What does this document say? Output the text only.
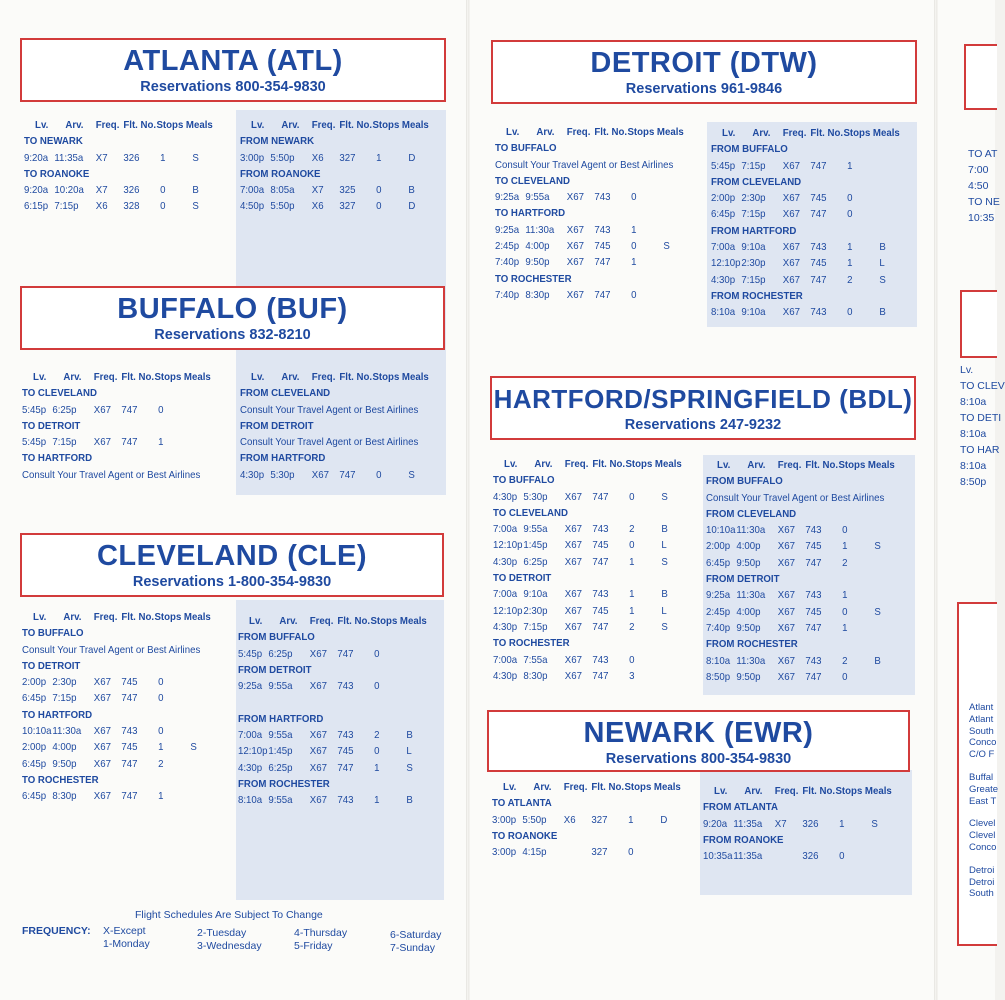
ATLANTA (ATL)
Reservations 800-354-9830
BUFFALO (BUF)
Reservations 832-8210
CLEVELAND (CLE)
Reservations 1-800-354-9830
DETROIT (DTW)
Reservations 961-9846
HARTFORD/SPRINGFIELD (BDL)
Reservations 247-9232
NEWARK (EWR)
Reservations 800-354-9830
Lv. Arv. Freq. Flt. No. Stops Meals
TO NEWARK
9:20a 11:35a X7 326 1	S
TO ROANOKE
9:20a 10:20a X7 326 0	B
6:15p 7:15p X6 328 0	S
Lv. Arv. Freq. Flt. No. Stops Meals
FROM NEWARK
3:00p 5:50p X6 327 1	D
FROM ROANOKE
7:00a 8:05a X7 325 0	B
4:50p 5:50p X6 327 0	D
Lv. Arv. Freq. Flt. No. Stops Meals
TO CLEVELAND
5:45p 6:25p X67 747 0
TO DETROIT
5:45p 7:15p X67 747 1
TO HARTFORD
Consult Your Travel Agent or Best Airlines
Lv. Arv. Freq. Flt. No. Stops Meals
FROM CLEVELAND
Consult Your Travel Agent or Best Airlines
FROM DETROIT
Consult Your Travel Agent or Best Airlines
FROM HARTFORD
4:30p 5:30p X67 747 0	S
Lv. Arv. Freq. Flt. No. Stops Meals
TO BUFFALO
Consult Your Travel Agent or Best Airlines
TO DETROIT
2:00p 2:30p X67 745 0
6:45p 7:15p X67 747 0
TO HARTFORD
10:10a 11:30a X67 743 0
2:00p 4:00p X67 745 1	S
6:45p 9:50p X67 747 2
TO ROCHESTER
6:45p 8:30p X67 747 1
Lv. Arv. Freq. Flt. No. Stops Meals
FROM BUFFALO
5:45p 6:25p X67 747 0
FROM DETROIT
9:25a 9:55a X67 743 0
FROM HARTFORD
7:00a 9:55a X67 743 2	B
12:10p 1:45p X67 745 0	L
4:30p 6:25p X67 747 1	S
FROM ROCHESTER
8:10a 9:55a X67 743 1	B
Lv. Arv. Freq. Flt. No. Stops Meals
TO BUFFALO
Consult Your Travel Agent or Best Airlines
TO CLEVELAND
9:25a 9:55a X67 743 0
TO HARTFORD
9:25a 11:30a X67 743 1
2:45p 4:00p X67 745 0	S
7:40p 9:50p X67 747 1
TO ROCHESTER
7:40p 8:30p X67 747 0
Lv. Arv. Freq. Flt. No. Stops Meals
FROM BUFFALO
5:45p 7:15p X67 747 1
FROM CLEVELAND
2:00p 2:30p X67 745 0
6:45p 7:15p X67 747 0
FROM HARTFORD
7:00a 9:10a X67 743 1	B
12:10p 2:30p X67 745 1	L
4:30p 7:15p X67 747 2	S
FROM ROCHESTER
8:10a 9:10a X67 743 0	B
Lv. Arv. Freq. Flt. No. Stops Meals
TO BUFFALO
4:30p 5:30p X67 747 0	S
TO CLEVELAND
7:00a 9:55a X67 743 2	B
12:10p 1:45p X67 745 0	L
4:30p 6:25p X67 747 1	S
TO DETROIT
7:00a 9:10a X67 743 1	B
12:10p 2:30p X67 745 1	L
4:30p 7:15p X67 747 2	S
TO ROCHESTER
7:00a 7:55a X67 743 0
4:30p 8:30p X67 747 3
Lv. Arv. Freq. Flt. No. Stops Meals
FROM BUFFALO
Consult Your Travel Agent or Best Airlines
FROM CLEVELAND
10:10a 11:30a X67 743 0
2:00p 4:00p X67 745 1	S
6:45p 9:50p X67 747 2
FROM DETROIT
9:25a 11:30a X67 743 1
2:45p 4:00p X67 745 0	S
7:40p 9:50p X67 747 1
FROM ROCHESTER
8:10a 11:30a X67 743 2	B
8:50p 9:50p X67 747 0
Lv. Arv. Freq. Flt. No. Stops Meals
TO ATLANTA
3:00p 5:50p X6 327 1	D
TO ROANOKE
3:00p 4:15p	327 0
Lv. Arv. Freq. Flt. No. Stops Meals
FROM ATLANTA
9:20a 11:35a X7 326 1	S
FROM ROANOKE
10:35a 11:35a	326 0
Flight Schedules Are Subject To Change
FREQUENCY: X-Except
1-Monday
2-Tuesday
3-Wednesday
4-Thursday
5-Friday
6-Saturday
7-Sunday
TO AT
7:00
4:50
TO NE
10:35
Lv.
TO CLEV
8:10a
TO DETI
8:10a
TO HAR
8:10a
8:50p
Atlant
Atlant
South
Conco
C/O F
Buffal
Greate
East T
Clevel
Clevel
Conco
Detroi
Detroi
South
